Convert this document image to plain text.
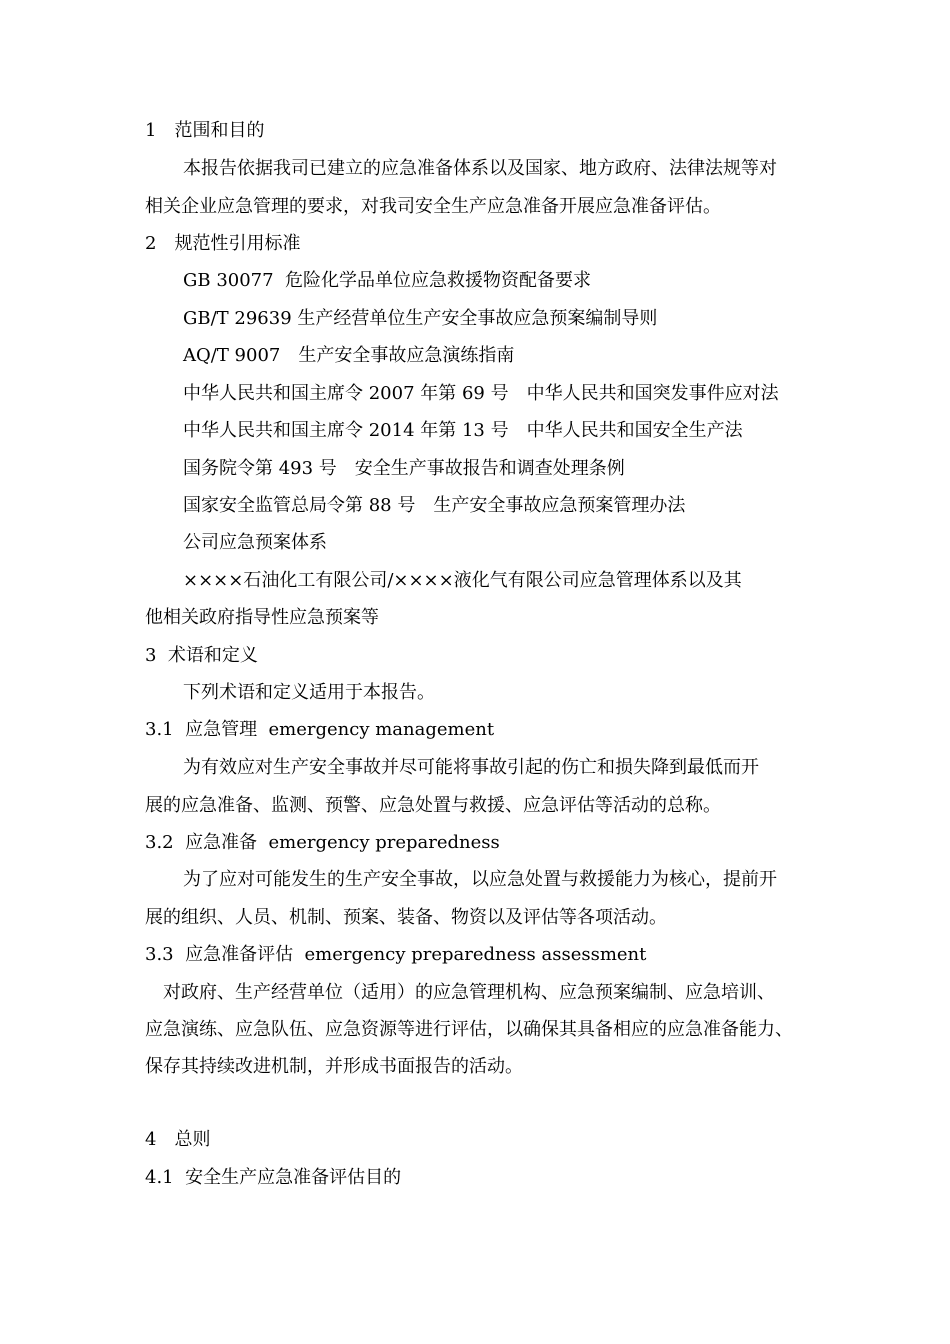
1　范围和目的
本报告依据我司已建立的应急准备体系以及国家、地方政府、法律法规等对
相关企业应急管理的要求，对我司安全生产应急准备开展应急准备评估。
2　规范性引用标准
GB 30077  危险化学品单位应急救援物资配备要求
GB/T 29639 生产经营单位生产安全事故应急预案编制导则
AQ/T 9007　生产安全事故应急演练指南
中华人民共和国主席令 2007 年第 69 号　中华人民共和国突发事件应对法
中华人民共和国主席令 2014 年第 13 号　中华人民共和国安全生产法
国务院令第 493 号　安全生产事故报告和调查处理条例
国家安全监管总局令第 88 号　生产安全事故应急预案管理办法
公司应急预案体系
××××石油化工有限公司/××××液化气有限公司应急管理体系以及其
他相关政府指导性应急预案等
3  术语和定义
下列术语和定义适用于本报告。
3.1  应急管理  emergency management
为有效应对生产安全事故并尽可能将事故引起的伤亡和损失降到最低而开
展的应急准备、监测、预警、应急处置与救援、应急评估等活动的总称。
3.2  应急准备  emergency preparedness
为了应对可能发生的生产安全事故，以应急处置与救援能力为核心，提前开
展的组织、人员、机制、预案、装备、物资以及评估等各项活动。
3.3  应急准备评估  emergency preparedness assessment
对政府、生产经营单位（适用）的应急管理机构、应急预案编制、应急培训、
应急演练、应急队伍、应急资源等进行评估，以确保其具备相应的应急准备能力、
保存其持续改进机制，并形成书面报告的活动。
4　总则
4.1  安全生产应急准备评估目的
